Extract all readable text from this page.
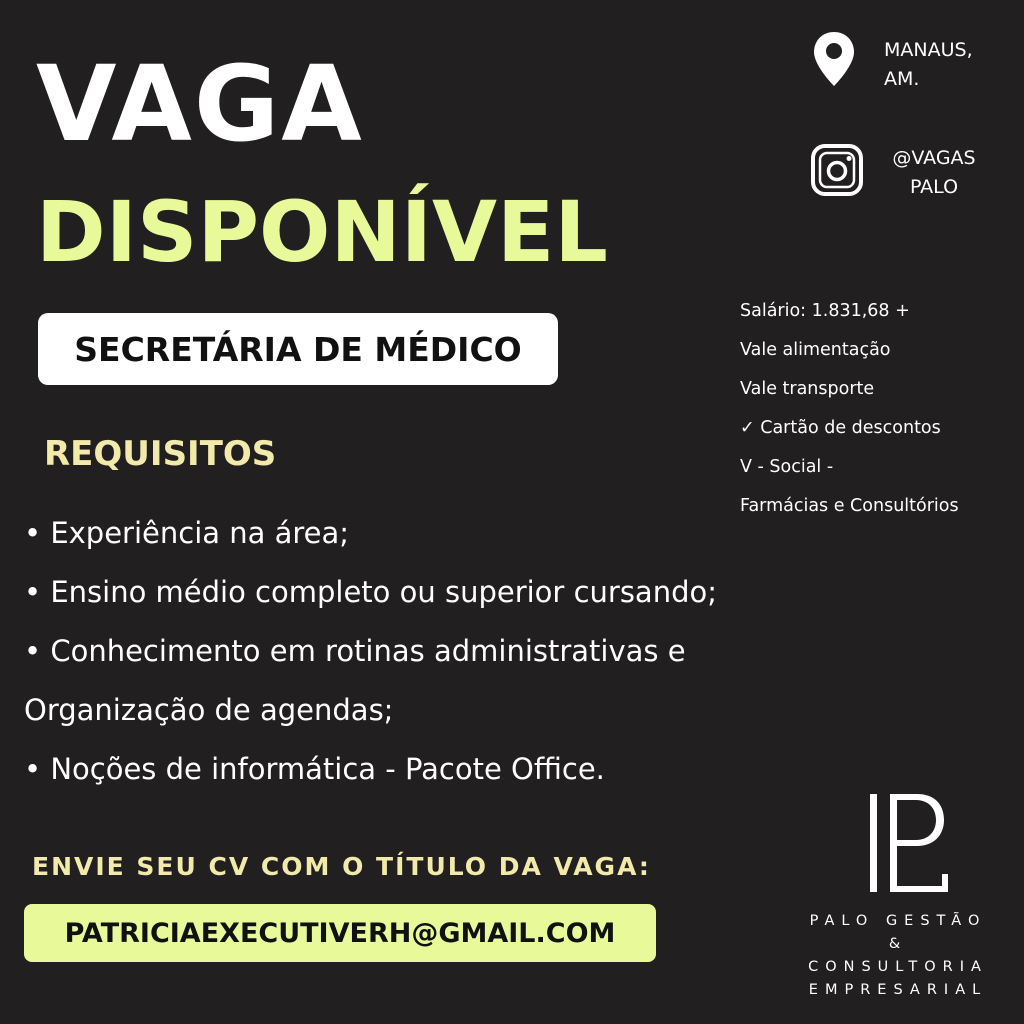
VAGA
DISPONÍVEL
SECRETÁRIA DE MÉDICO
REQUISITOS
• Experiência na área;
• Ensino médio completo ou superior cursando;
• Conhecimento em rotinas administrativas e
Organização de agendas;
• Noções de informática - Pacote Office.
ENVIE SEU CV COM O TÍTULO DA VAGA:
PATRICIAEXECUTIVERH@GMAIL.COM
MANAUS,
AM.
@VAGAS
PALO
Salário: 1.831,68 +
Vale alimentação
Vale transporte
✓ Cartão de descontos
V - Social -
Farmácias e Consultórios
PALO GESTÃO
&
CONSULTORIA
EMPRESARIAL
